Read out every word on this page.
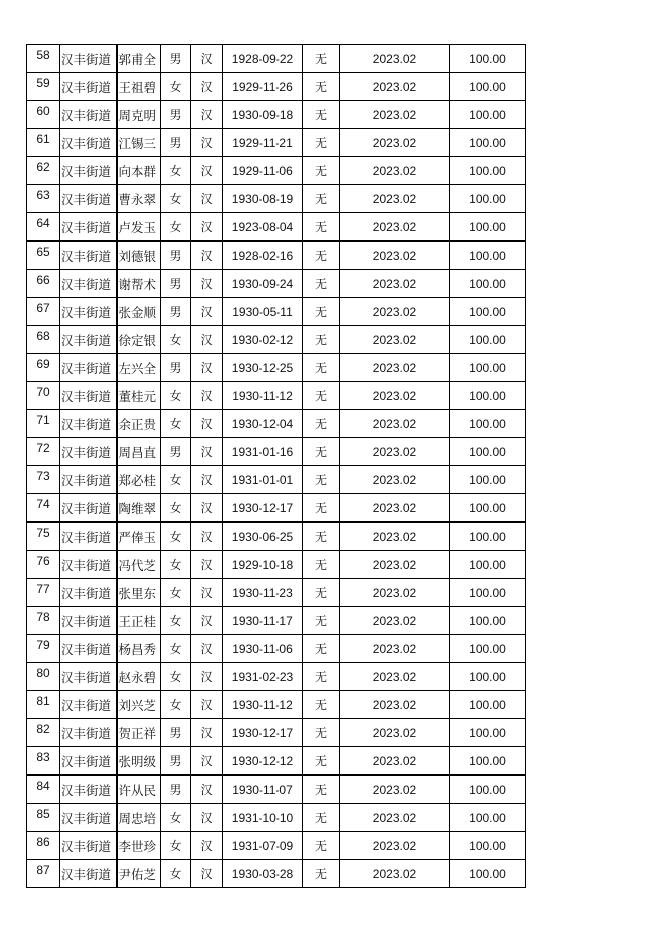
58	汉丰街道	郭甫全	男	汉	1928-09-22	无	2023.02	100.00
59	汉丰街道	王祖碧	女	汉	1929-11-26	无	2023.02	100.00
60	汉丰街道	周克明	男	汉	1930-09-18	无	2023.02	100.00
61	汉丰街道	江锡三	男	汉	1929-11-21	无	2023.02	100.00
62	汉丰街道	向本群	女	汉	1929-11-06	无	2023.02	100.00
63	汉丰街道	曹永翠	女	汉	1930-08-19	无	2023.02	100.00
64	汉丰街道	卢发玉	女	汉	1923-08-04	无	2023.02	100.00
65	汉丰街道	刘德银	男	汉	1928-02-16	无	2023.02	100.00
66	汉丰街道	谢帮术	男	汉	1930-09-24	无	2023.02	100.00
67	汉丰街道	张金顺	男	汉	1930-05-11	无	2023.02	100.00
68	汉丰街道	徐定银	女	汉	1930-02-12	无	2023.02	100.00
69	汉丰街道	左兴全	男	汉	1930-12-25	无	2023.02	100.00
70	汉丰街道	董桂元	女	汉	1930-11-12	无	2023.02	100.00
71	汉丰街道	余正贵	女	汉	1930-12-04	无	2023.02	100.00
72	汉丰街道	周昌直	男	汉	1931-01-16	无	2023.02	100.00
73	汉丰街道	郑必桂	女	汉	1931-01-01	无	2023.02	100.00
74	汉丰街道	陶维翠	女	汉	1930-12-17	无	2023.02	100.00
75	汉丰街道	严俸玉	女	汉	1930-06-25	无	2023.02	100.00
76	汉丰街道	冯代芝	女	汉	1929-10-18	无	2023.02	100.00
77	汉丰街道	张里东	女	汉	1930-11-23	无	2023.02	100.00
78	汉丰街道	王正桂	女	汉	1930-11-17	无	2023.02	100.00
79	汉丰街道	杨昌秀	女	汉	1930-11-06	无	2023.02	100.00
80	汉丰街道	赵永碧	女	汉	1931-02-23	无	2023.02	100.00
81	汉丰街道	刘兴芝	女	汉	1930-11-12	无	2023.02	100.00
82	汉丰街道	贺正祥	男	汉	1930-12-17	无	2023.02	100.00
83	汉丰街道	张明级	男	汉	1930-12-12	无	2023.02	100.00
84	汉丰街道	许从民	男	汉	1930-11-07	无	2023.02	100.00
85	汉丰街道	周忠培	女	汉	1931-10-10	无	2023.02	100.00
86	汉丰街道	李世珍	女	汉	1931-07-09	无	2023.02	100.00
87	汉丰街道	尹佑芝	女	汉	1930-03-28	无	2023.02	100.00
